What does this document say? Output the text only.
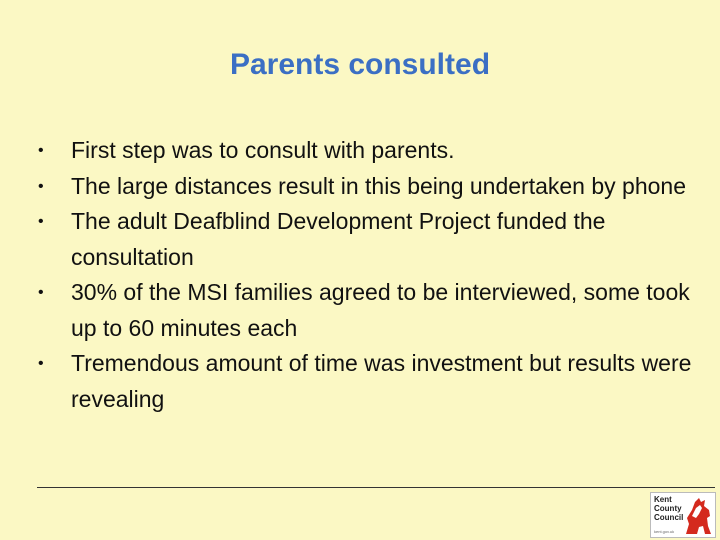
Parents consulted
• First step was to consult with parents.
• The large distances result in this being undertaken by phone
• The adult Deafblind Development Project funded the consultation
• 30% of the MSI families agreed to be interviewed, some took up to 60 minutes each
• Tremendous amount of time was investment but results were revealing
Kent
County
Council
kent.gov.uk
